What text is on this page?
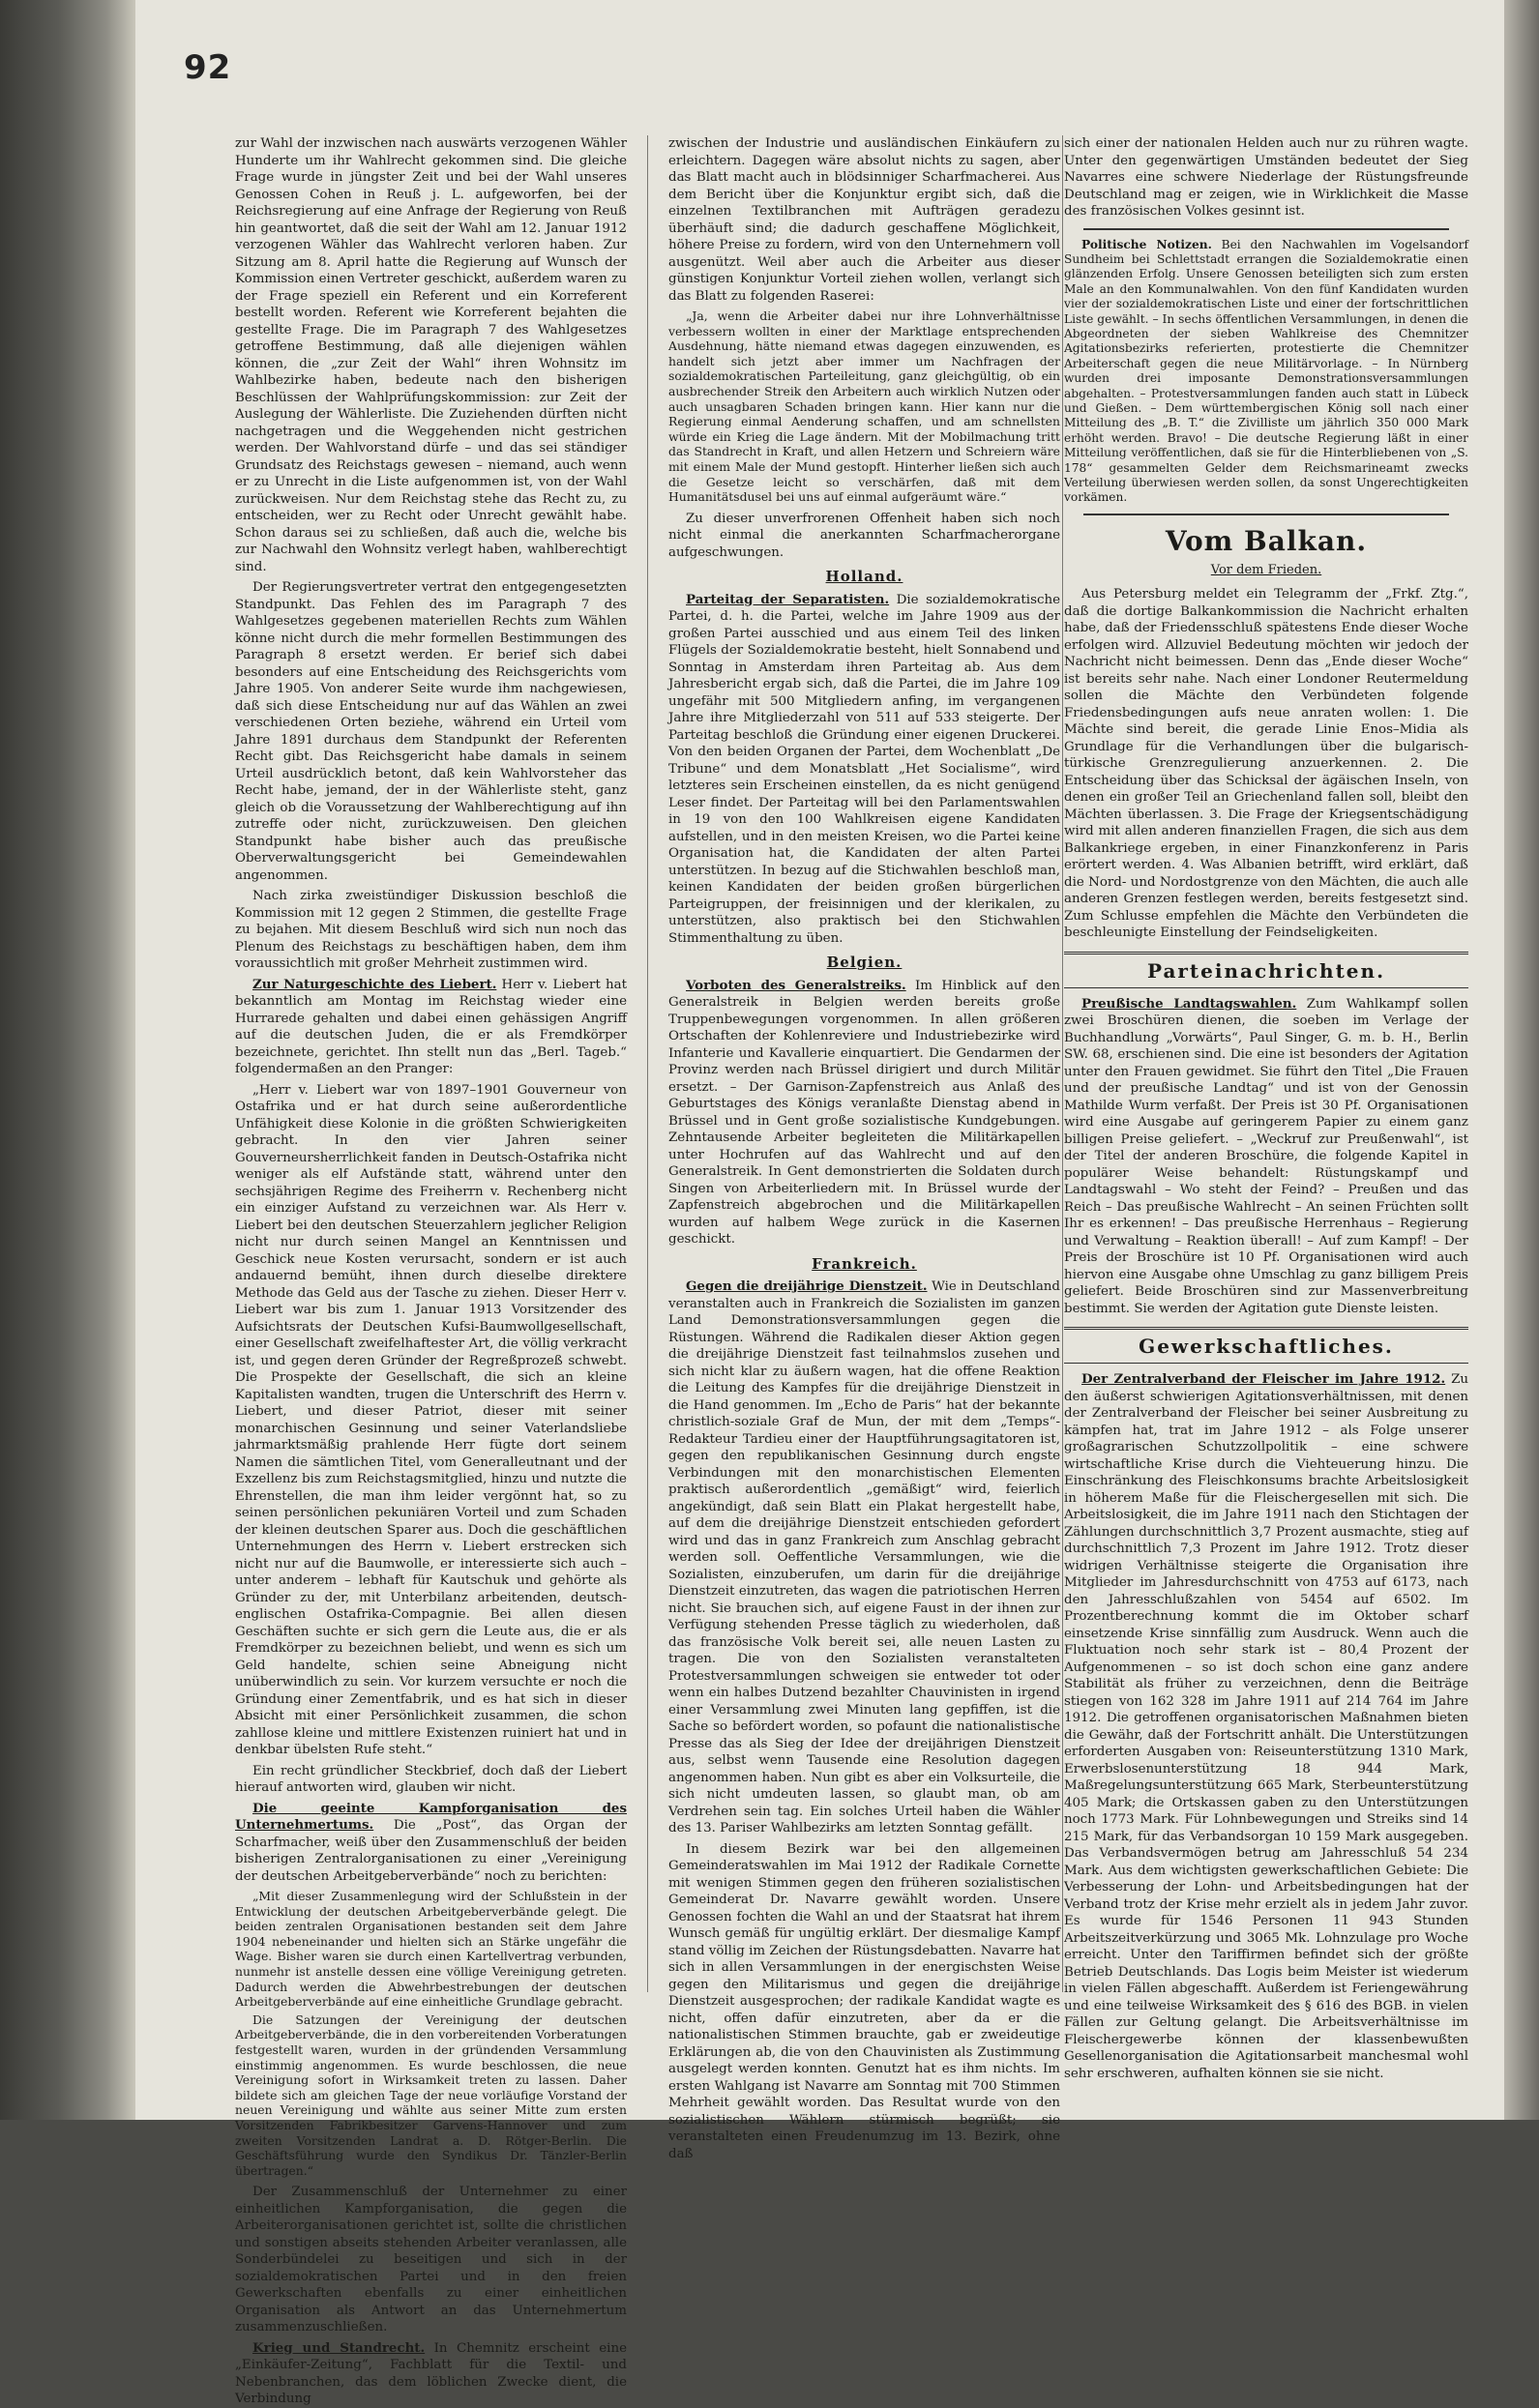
92

zur Wahl der inzwischen nach auswärts verzogenen Wähler Hunderte um ihr Wahlrecht gekommen sind. Die gleiche Frage wurde in jüngster Zeit und bei der Wahl unseres Genossen Cohen in Reuß j. L. aufgeworfen, bei der Reichsregierung auf eine Anfrage der Regierung von Reuß hin geantwortet, daß die seit der Wahl am 12. Januar 1912 verzogenen Wähler das Wahlrecht verloren haben. Zur Sitzung am 8. April hatte die Regierung auf Wunsch der Kommission einen Vertreter geschickt, außerdem waren zu der Frage speziell ein Referent und ein Korreferent bestellt worden. Referent wie Korreferent bejahten die gestellte Frage. Die im Paragraph 7 des Wahlgesetzes getroffene Bestimmung, daß alle diejenigen wählen können, die „zur Zeit der Wahl“ ihren Wohnsitz im Wahlbezirke haben, bedeute nach den bisherigen Beschlüssen der Wahlprüfungskommission: zur Zeit der Auslegung der Wählerliste. Die Zuziehenden dürften nicht nachgetragen und die Weggehenden nicht gestrichen werden. Der Wahlvorstand dürfe – und das sei ständiger Grundsatz des Reichstags gewesen – niemand, auch wenn er zu Unrecht in die Liste aufgenommen ist, von der Wahl zurückweisen. Nur dem Reichstag stehe das Recht zu, zu entscheiden, wer zu Recht oder Unrecht gewählt habe. Schon daraus sei zu schließen, daß auch die, welche bis zur Nachwahl den Wohnsitz verlegt haben, wahlberechtigt sind.

Der Regierungsvertreter vertrat den entgegengesetzten Standpunkt. Das Fehlen des im Paragraph 7 des Wahlgesetzes gegebenen materiellen Rechts zum Wählen könne nicht durch die mehr formellen Bestimmungen des Paragraph 8 ersetzt werden. Er berief sich dabei besonders auf eine Entscheidung des Reichsgerichts vom Jahre 1905. Von anderer Seite wurde ihm nachgewiesen, daß sich diese Entscheidung nur auf das Wählen an zwei verschiedenen Orten beziehe, während ein Urteil vom Jahre 1891 durchaus dem Standpunkt der Referenten Recht gibt. Das Reichsgericht habe damals in seinem Urteil ausdrücklich betont, daß kein Wahlvorsteher das Recht habe, jemand, der in der Wählerliste steht, ganz gleich ob die Voraussetzung der Wahlberechtigung auf ihn zutreffe oder nicht, zurückzuweisen. Den gleichen Standpunkt habe bisher auch das preußische Oberverwaltungsgericht bei Gemeindewahlen angenommen.

Nach zirka zweistündiger Diskussion beschloß die Kommission mit 12 gegen 2 Stimmen, die gestellte Frage zu bejahen. Mit diesem Beschluß wird sich nun noch das Plenum des Reichstags zu beschäftigen haben, dem ihm voraussichtlich mit großer Mehrheit zustimmen wird.

Zur Naturgeschichte des Liebert. Herr v. Liebert hat bekanntlich am Montag im Reichstag wieder eine Hurrarede gehalten und dabei einen gehässigen Angriff auf die deutschen Juden, die er als Fremdkörper bezeichnete, gerichtet. Ihn stellt nun das „Berl. Tageb.“ folgendermaßen an den Pranger:

„Herr v. Liebert war von 1897–1901 Gouverneur von Ostafrika und er hat durch seine außerordentliche Unfähigkeit diese Kolonie in die größten Schwierigkeiten gebracht. In den vier Jahren seiner Gouverneursherrlichkeit fanden in Deutsch-Ostafrika nicht weniger als elf Aufstände statt, während unter den sechsjährigen Regime des Freiherrn v. Rechenberg nicht ein einziger Aufstand zu verzeichnen war. Als Herr v. Liebert bei den deutschen Steuerzahlern jeglicher Religion nicht nur durch seinen Mangel an Kenntnissen und Geschick neue Kosten verursacht, sondern er ist auch andauernd bemüht, ihnen durch dieselbe direktere Methode das Geld aus der Tasche zu ziehen. Dieser Herr v. Liebert war bis zum 1. Januar 1913 Vorsitzender des Aufsichtsrats der Deutschen Kufsi-Baumwollgesellschaft, einer Gesellschaft zweifelhaftester Art, die völlig verkracht ist, und gegen deren Gründer der Regreßprozeß schwebt. Die Prospekte der Gesellschaft, die sich an kleine Kapitalisten wandten, trugen die Unterschrift des Herrn v. Liebert, und dieser Patriot, dieser mit seiner monarchischen Gesinnung und seiner Vaterlandsliebe jahrmarktsmäßig prahlende Herr fügte dort seinem Namen die sämtlichen Titel, vom Generalleutnant und der Exzellenz bis zum Reichstagsmitglied, hinzu und nutzte die Ehrenstellen, die man ihm leider vergönnt hat, so zu seinen persönlichen pekuniären Vorteil und zum Schaden der kleinen deutschen Sparer aus. Doch die geschäftlichen Unternehmungen des Herrn v. Liebert erstrecken sich nicht nur auf die Baumwolle, er interessierte sich auch – unter anderem – lebhaft für Kautschuk und gehörte als Gründer zu der, mit Unterbilanz arbeitenden, deutsch-englischen Ostafrika-Compagnie. Bei allen diesen Geschäften suchte er sich gern die Leute aus, die er als Fremdkörper zu bezeichnen beliebt, und wenn es sich um Geld handelte, schien seine Abneigung nicht unüberwindlich zu sein. Vor kurzem versuchte er noch die Gründung einer Zementfabrik, und es hat sich in dieser Absicht mit einer Persönlichkeit zusammen, die schon zahllose kleine und mittlere Existenzen ruiniert hat und in denkbar übelsten Rufe steht.“

Ein recht gründlicher Steckbrief, doch daß der Liebert hierauf antworten wird, glauben wir nicht.

Die geeinte Kampforganisation des Unternehmertums. Die „Post“, das Organ der Scharfmacher, weiß über den Zusammenschluß der beiden bisherigen Zentralorganisationen zu einer „Vereinigung der deutschen Arbeitgeberverbände“ noch zu berichten:

„Mit dieser Zusammenlegung wird der Schlußstein in der Entwicklung der deutschen Arbeitgeberverbände gelegt. Die beiden zentralen Organisationen bestanden seit dem Jahre 1904 nebeneinander und hielten sich an Stärke ungefähr die Wage. Bisher waren sie durch einen Kartellvertrag verbunden, nunmehr ist anstelle dessen eine völlige Vereinigung getreten. Dadurch werden die Abwehrbestrebungen der deutschen Arbeitgeberverbände auf eine einheitliche Grundlage gebracht.

Die Satzungen der Vereinigung der deutschen Arbeitgeberverbände, die in den vorbereitenden Vorberatungen festgestellt waren, wurden in der gründenden Versammlung einstimmig angenommen. Es wurde beschlossen, die neue Vereinigung sofort in Wirksamkeit treten zu lassen. Daher bildete sich am gleichen Tage der neue vorläufige Vorstand der neuen Vereinigung und wählte aus seiner Mitte zum ersten Vorsitzenden Fabrikbesitzer Garvens-Hannover und zum zweiten Vorsitzenden Landrat a. D. Rötger-Berlin. Die Geschäftsführung wurde den Syndikus Dr. Tänzler-Berlin übertragen.“

Der Zusammenschluß der Unternehmer zu einer einheitlichen Kampforganisation, die gegen die Arbeiterorganisationen gerichtet ist, sollte die christlichen und sonstigen abseits stehenden Arbeiter veranlassen, alle Sonderbündelei zu beseitigen und sich in der sozialdemokratischen Partei und in den freien Gewerkschaften ebenfalls zu einer einheitlichen Organisation als Antwort an das Unternehmertum zusammenzuschließen.

Krieg und Standrecht. In Chemnitz erscheint eine „Einkäufer-Zeitung“, Fachblatt für die Textil- und Nebenbranchen, das dem löblichen Zwecke dient, die Verbindung

zwischen der Industrie und ausländischen Einkäufern zu erleichtern. Dagegen wäre absolut nichts zu sagen, aber das Blatt macht auch in blödsinniger Scharfmacherei. Aus dem Bericht über die Konjunktur ergibt sich, daß die einzelnen Textilbranchen mit Aufträgen geradezu überhäuft sind; die dadurch geschaffene Möglichkeit, höhere Preise zu fordern, wird von den Unternehmern voll ausgenützt. Weil aber auch die Arbeiter aus dieser günstigen Konjunktur Vorteil ziehen wollen, verlangt sich das Blatt zu folgenden Raserei:

„Ja, wenn die Arbeiter dabei nur ihre Lohnverhältnisse verbessern wollten in einer der Marktlage entsprechenden Ausdehnung, hätte niemand etwas dagegen einzuwenden, es handelt sich jetzt aber immer um Nachfragen der sozialdemokratischen Parteileitung, ganz gleichgültig, ob ein ausbrechender Streik den Arbeitern auch wirklich Nutzen oder auch unsagbaren Schaden bringen kann. Hier kann nur die Regierung einmal Aenderung schaffen, und am schnellsten würde ein Krieg die Lage ändern. Mit der Mobilmachung tritt das Standrecht in Kraft, und allen Hetzern und Schreiern wäre mit einem Male der Mund gestopft. Hinterher ließen sich auch die Gesetze leicht so verschärfen, daß mit dem Humanitätsdusel bei uns auf einmal aufgeräumt wäre.“

Zu dieser unverfrorenen Offenheit haben sich noch nicht einmal die anerkannten Scharfmacherorgane aufgeschwungen.

Holland.

Parteitag der Separatisten. Die sozialdemokratische Partei, d. h. die Partei, welche im Jahre 1909 aus der großen Partei ausschied und aus einem Teil des linken Flügels der Sozialdemokratie besteht, hielt Sonnabend und Sonntag in Amsterdam ihren Parteitag ab. Aus dem Jahresbericht ergab sich, daß die Partei, die im Jahre 109 ungefähr mit 500 Mitgliedern anfing, im vergangenen Jahre ihre Mitgliederzahl von 511 auf 533 steigerte. Der Parteitag beschloß die Gründung einer eigenen Druckerei. Von den beiden Organen der Partei, dem Wochenblatt „De Tribune“ und dem Monatsblatt „Het Socialisme“, wird letzteres sein Erscheinen einstellen, da es nicht genügend Leser findet. Der Parteitag will bei den Parlamentswahlen in 19 von den 100 Wahlkreisen eigene Kandidaten aufstellen, und in den meisten Kreisen, wo die Partei keine Organisation hat, die Kandidaten der alten Partei unterstützen. In bezug auf die Stichwahlen beschloß man, keinen Kandidaten der beiden großen bürgerlichen Parteigruppen, der freisinnigen und der klerikalen, zu unterstützen, also praktisch bei den Stichwahlen Stimmenthaltung zu üben.

Belgien.

Vorboten des Generalstreiks. Im Hinblick auf den Generalstreik in Belgien werden bereits große Truppenbewegungen vorgenommen. In allen größeren Ortschaften der Kohlenreviere und Industriebezirke wird Infanterie und Kavallerie einquartiert. Die Gendarmen der Provinz werden nach Brüssel dirigiert und durch Militär ersetzt. – Der Garnison-Zapfenstreich aus Anlaß des Geburtstages des Königs veranlaßte Dienstag abend in Brüssel und in Gent große sozialistische Kundgebungen. Zehntausende Arbeiter begleiteten die Militärkapellen unter Hochrufen auf das Wahlrecht und auf den Generalstreik. In Gent demonstrierten die Soldaten durch Singen von Arbeiterliedern mit. In Brüssel wurde der Zapfenstreich abgebrochen und die Militärkapellen wurden auf halbem Wege zurück in die Kasernen geschickt.

Frankreich.

Gegen die dreijährige Dienstzeit. Wie in Deutschland veranstalten auch in Frankreich die Sozialisten im ganzen Land Demonstrationsversammlungen gegen die Rüstungen. Während die Radikalen dieser Aktion gegen die dreijährige Dienstzeit fast teilnahmslos zusehen und sich nicht klar zu äußern wagen, hat die offene Reaktion die Leitung des Kampfes für die dreijährige Dienstzeit in die Hand genommen. Im „Echo de Paris“ hat der bekannte christlich-soziale Graf de Mun, der mit dem „Temps“-Redakteur Tardieu einer der Hauptführungsagitatoren ist, gegen den republikanischen Gesinnung durch engste Verbindungen mit den monarchistischen Elementen praktisch außerordentlich „gemäßigt“ wird, feierlich angekündigt, daß sein Blatt ein Plakat hergestellt habe, auf dem die dreijährige Dienstzeit entschieden gefordert wird und das in ganz Frankreich zum Anschlag gebracht werden soll. Oeffentliche Versammlungen, wie die Sozialisten, einzuberufen, um darin für die dreijährige Dienstzeit einzutreten, das wagen die patriotischen Herren nicht. Sie brauchen sich, auf eigene Faust in der ihnen zur Verfügung stehenden Presse täglich zu wiederholen, daß das französische Volk bereit sei, alle neuen Lasten zu tragen. Die von den Sozialisten veranstalteten Protestversammlungen schweigen sie entweder tot oder wenn ein halbes Dutzend bezahlter Chauvinisten in irgend einer Versammlung zwei Minuten lang gepfiffen, ist die Sache so befördert worden, so pofaunt die nationalistische Presse das als Sieg der Idee der dreijährigen Dienstzeit aus, selbst wenn Tausende eine Resolution dagegen angenommen haben. Nun gibt es aber ein Volksurteile, die sich nicht umdeuten lassen, so glaubt man, ob am Verdrehen sein tag. Ein solches Urteil haben die Wähler des 13. Pariser Wahlbezirks am letzten Sonntag gefällt.

In diesem Bezirk war bei den allgemeinen Gemeinderatswahlen im Mai 1912 der Radikale Cornette mit wenigen Stimmen gegen den früheren sozialistischen Gemeinderat Dr. Navarre gewählt worden. Unsere Genossen fochten die Wahl an und der Staatsrat hat ihrem Wunsch gemäß für ungültig erklärt. Der diesmalige Kampf stand völlig im Zeichen der Rüstungsdebatten. Navarre hat sich in allen Versammlungen in der energischsten Weise gegen den Militarismus und gegen die dreijährige Dienstzeit ausgesprochen; der radikale Kandidat wagte es nicht, offen dafür einzutreten, aber da er die nationalistischen Stimmen brauchte, gab er zweideutige Erklärungen ab, die von den Chauvinisten als Zustimmung ausgelegt werden konnten. Genutzt hat es ihm nichts. Im ersten Wahlgang ist Navarre am Sonntag mit 700 Stimmen Mehrheit gewählt worden. Das Resultat wurde von den sozialistischen Wählern stürmisch begrüßt; sie veranstalteten einen Freudenumzug im 13. Bezirk, ohne daß

sich einer der nationalen Helden auch nur zu rühren wagte. Unter den gegenwärtigen Umständen bedeutet der Sieg Navarres eine schwere Niederlage der Rüstungsfreunde Deutschland mag er zeigen, wie in Wirklichkeit die Masse des französischen Volkes gesinnt ist.

Politische Notizen. Bei den Nachwahlen im Vogelsandorf Sundheim bei Schlettstadt errangen die Sozialdemokratie einen glänzenden Erfolg. Unsere Genossen beteiligten sich zum ersten Male an den Kommunalwahlen. Von den fünf Kandidaten wurden vier der sozialdemokratischen Liste und einer der fortschrittlichen Liste gewählt. – In sechs öffentlichen Versammlungen, in denen die Abgeordneten der sieben Wahlkreise des Chemnitzer Agitationsbezirks referierten, protestierte die Chemnitzer Arbeiterschaft gegen die neue Militärvorlage. – In Nürnberg wurden drei imposante Demonstrationsversammlungen abgehalten. – Protestversammlungen fanden auch statt in Lübeck und Gießen. – Dem württembergischen König soll nach einer Mitteilung des „B. T.“ die Zivilliste um jährlich 350 000 Mark erhöht werden. Bravo! – Die deutsche Regierung läßt in einer Mitteilung veröffentlichen, daß sie für die Hinterbliebenen von „S. 178“ gesammelten Gelder dem Reichsmarineamt zwecks Verteilung überwiesen werden sollen, da sonst Ungerechtigkeiten vorkämen.

Vom Balkan.
Vor dem Frieden.

Aus Petersburg meldet ein Telegramm der „Frkf. Ztg.“, daß die dortige Balkankommission die Nachricht erhalten habe, daß der Friedensschluß spätestens Ende dieser Woche erfolgen wird. Allzuviel Bedeutung möchten wir jedoch der Nachricht nicht beimessen. Denn das „Ende dieser Woche“ ist bereits sehr nahe. Nach einer Londoner Reutermeldung sollen die Mächte den Verbündeten folgende Friedensbedingungen aufs neue anraten wollen: 1. Die Mächte sind bereit, die gerade Linie Enos–Midia als Grundlage für die Verhandlungen über die bulgarisch-türkische Grenzregulierung anzuerkennen. 2. Die Entscheidung über das Schicksal der ägäischen Inseln, von denen ein großer Teil an Griechenland fallen soll, bleibt den Mächten überlassen. 3. Die Frage der Kriegsentschädigung wird mit allen anderen finanziellen Fragen, die sich aus dem Balkankriege ergeben, in einer Finanzkonferenz in Paris erörtert werden. 4. Was Albanien betrifft, wird erklärt, daß die Nord- und Nordostgrenze von den Mächten, die auch alle anderen Grenzen festlegen werden, bereits festgesetzt sind. Zum Schlusse empfehlen die Mächte den Verbündeten die beschleunigte Einstellung der Feindseligkeiten.

Parteinachrichten.

Preußische Landtagswahlen. Zum Wahlkampf sollen zwei Broschüren dienen, die soeben im Verlage der Buchhandlung „Vorwärts“, Paul Singer, G. m. b. H., Berlin SW. 68, erschienen sind. Die eine ist besonders der Agitation unter den Frauen gewidmet. Sie führt den Titel „Die Frauen und der preußische Landtag“ und ist von der Genossin Mathilde Wurm verfaßt. Der Preis ist 30 Pf. Organisationen wird eine Ausgabe auf geringerem Papier zu einem ganz billigen Preise geliefert. – „Weckruf zur Preußenwahl“, ist der Titel der anderen Broschüre, die folgende Kapitel in populärer Weise behandelt: Rüstungskampf und Landtagswahl – Wo steht der Feind? – Preußen und das Reich – Das preußische Wahlrecht – An seinen Früchten sollt Ihr es erkennen! – Das preußische Herrenhaus – Regierung und Verwaltung – Reaktion überall! – Auf zum Kampf! – Der Preis der Broschüre ist 10 Pf. Organisationen wird auch hiervon eine Ausgabe ohne Umschlag zu ganz billigem Preis geliefert. Beide Broschüren sind zur Massenverbreitung bestimmt. Sie werden der Agitation gute Dienste leisten.

Gewerkschaftliches.

Der Zentralverband der Fleischer im Jahre 1912. Zu den äußerst schwierigen Agitationsverhältnissen, mit denen der Zentralverband der Fleischer bei seiner Ausbreitung zu kämpfen hat, trat im Jahre 1912 – als Folge unserer großagrarischen Schutzzollpolitik – eine schwere wirtschaftliche Krise durch die Viehteuerung hinzu. Die Einschränkung des Fleischkonsums brachte Arbeitslosigkeit in höherem Maße für die Fleischergesellen mit sich. Die Arbeitslosigkeit, die im Jahre 1911 nach den Stichtagen der Zählungen durchschnittlich 3,7 Prozent ausmachte, stieg auf durchschnittlich 7,3 Prozent im Jahre 1912. Trotz dieser widrigen Verhältnisse steigerte die Organisation ihre Mitglieder im Jahresdurchschnitt von 4753 auf 6173, nach den Jahresschlußzahlen von 5454 auf 6502. Im Prozentberechnung kommt die im Oktober scharf einsetzende Krise sinnfällig zum Ausdruck. Wenn auch die Fluktuation noch sehr stark ist – 80,4 Prozent der Aufgenommenen – so ist doch schon eine ganz andere Stabilität als früher zu verzeichnen, denn die Beiträge stiegen von 162 328 im Jahre 1911 auf 214 764 im Jahre 1912. Die getroffenen organisatorischen Maßnahmen bieten die Gewähr, daß der Fortschritt anhält. Die Unterstützungen erforderten Ausgaben von: Reiseunterstützung 1310 Mark, Erwerbslosenunterstützung 18 944 Mark, Maßregelungsunterstützung 665 Mark, Sterbeunterstützung 405 Mark; die Ortskassen gaben zu den Unterstützungen noch 1773 Mark. Für Lohnbewegungen und Streiks sind 14 215 Mark, für das Verbandsorgan 10 159 Mark ausgegeben. Das Verbandsvermögen betrug am Jahresschluß 54 234 Mark. Aus dem wichtigsten gewerkschaftlichen Gebiete: Die Verbesserung der Lohn- und Arbeitsbedingungen hat der Verband trotz der Krise mehr erzielt als in jedem Jahr zuvor. Es wurde für 1546 Personen 11 943 Stunden Arbeitszeitverkürzung und 3065 Mk. Lohnzulage pro Woche erreicht. Unter den Tariffirmen befindet sich der größte Betrieb Deutschlands. Das Logis beim Meister ist wiederum in vielen Fällen abgeschafft. Außerdem ist Feriengewährung und eine teilweise Wirksamkeit des § 616 des BGB. in vielen Fällen zur Geltung gelangt. Die Arbeitsverhältnisse im Fleischergewerbe können der klassenbewußten Gesellenorganisation die Agitationsarbeit manchesmal wohl sehr erschweren, aufhalten können sie sie nicht.
